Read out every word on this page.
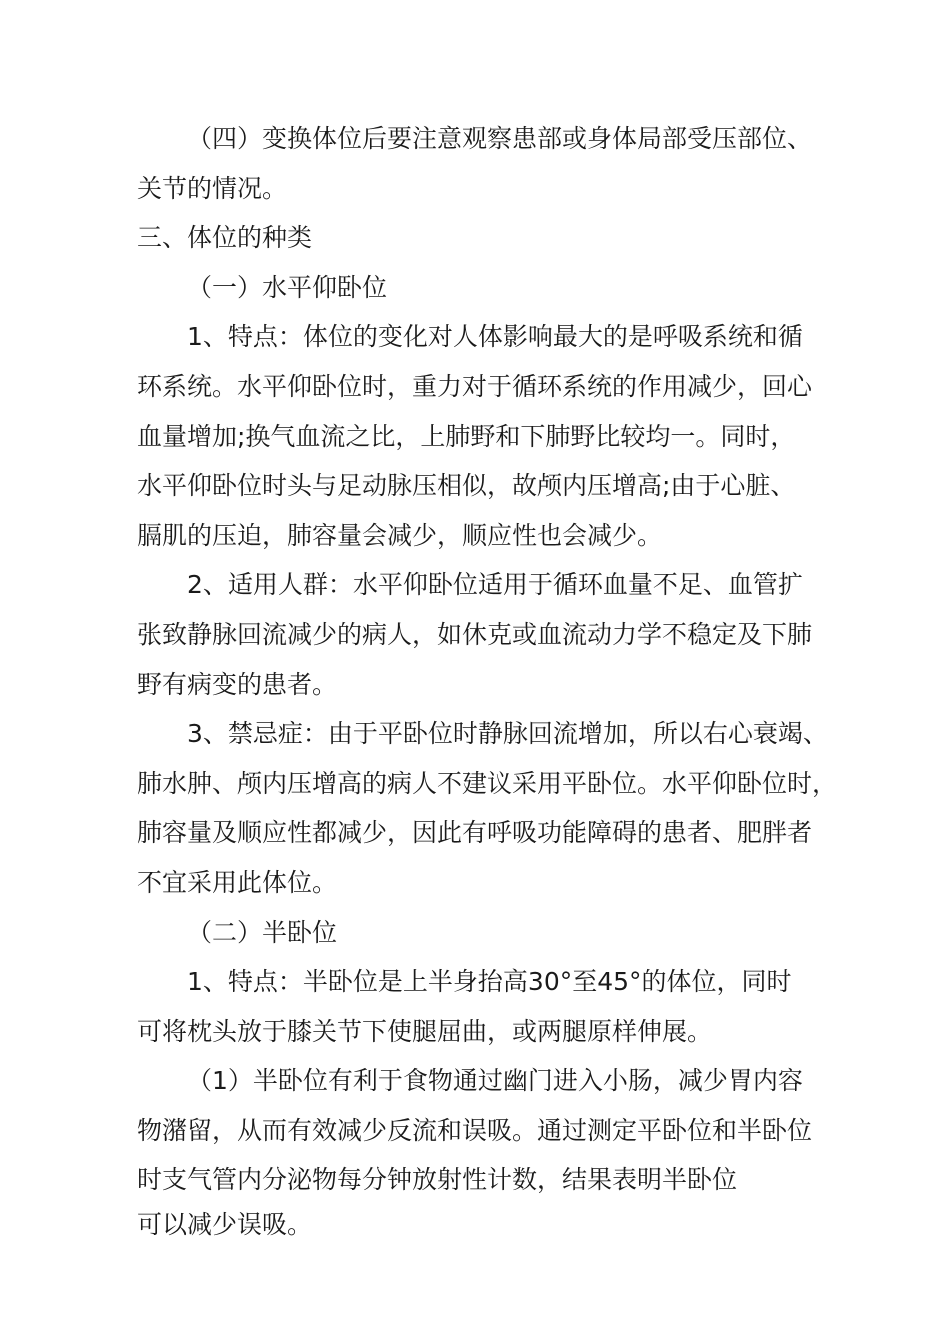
（四）变换体位后要注意观察患部或身体局部受压部位、
关节的情况。
三、体位的种类
（一）水平仰卧位
1、特点：体位的变化对人体影响最大的是呼吸系统和循
环系统。水平仰卧位时，重力对于循环系统的作用减少，回心
血量增加;换气血流之比，上肺野和下肺野比较均一。同时，
水平仰卧位时头与足动脉压相似，故颅内压增高;由于心脏、
膈肌的压迫，肺容量会减少，顺应性也会减少。
2、适用人群：水平仰卧位适用于循环血量不足、血管扩
张致静脉回流减少的病人，如休克或血流动力学不稳定及下肺
野有病变的患者。
3、禁忌症：由于平卧位时静脉回流增加，所以右心衰竭、
肺水肿、颅内压增高的病人不建议采用平卧位。水平仰卧位时，
肺容量及顺应性都减少，因此有呼吸功能障碍的患者、肥胖者
不宜采用此体位。
（二）半卧位
1、特点：半卧位是上半身抬高30°至45°的体位，同时
可将枕头放于膝关节下使腿屈曲，或两腿原样伸展。
（1）半卧位有利于食物通过幽门进入小肠，减少胃内容
物潴留，从而有效减少反流和误吸。通过测定平卧位和半卧位
时支气管内分泌物每分钟放射性计数，结果表明半卧位
可以减少误吸。
